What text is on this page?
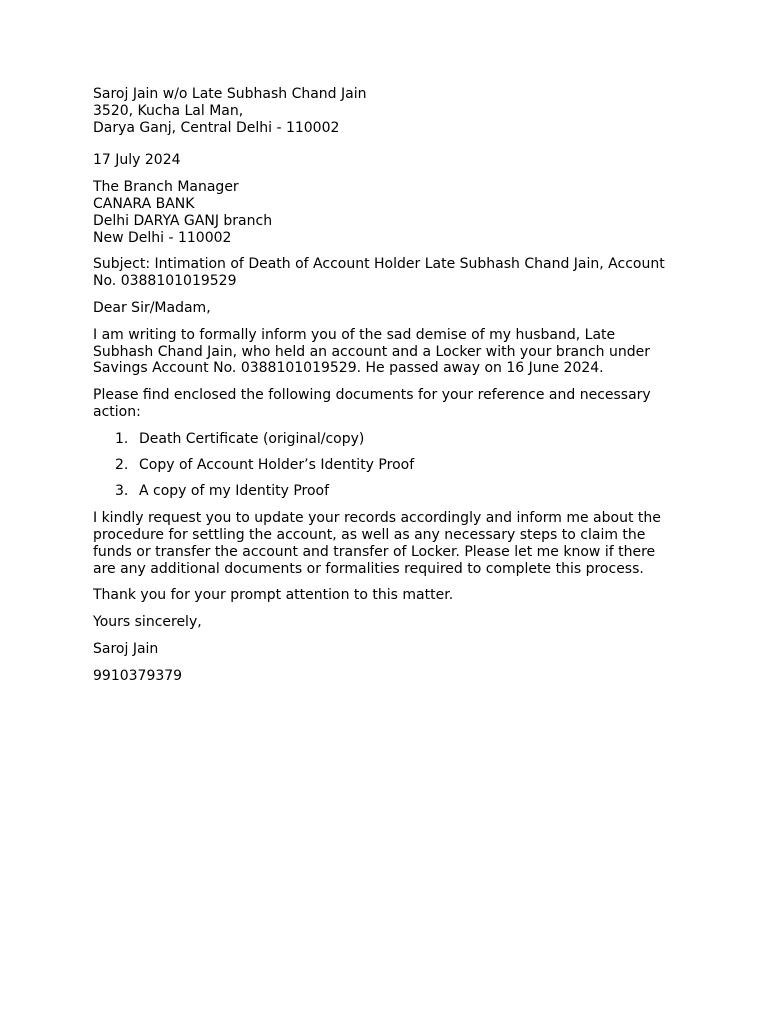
Saroj Jain w/o Late Subhash Chand Jain
3520, Kucha Lal Man,
Darya Ganj, Central Delhi - 110002
17 July 2024
The Branch Manager
CANARA BANK
Delhi DARYA GANJ branch
New Delhi - 110002
Subject: Intimation of Death of Account Holder Late Subhash Chand Jain, Account
No. 0388101019529
Dear Sir/Madam,
I am writing to formally inform you of the sad demise of my husband, Late
Subhash Chand Jain, who held an account and a Locker with your branch under
Savings Account No. 0388101019529. He passed away on 16 June 2024.
Please find enclosed the following documents for your reference and necessary
action:
1. Death Certificate (original/copy)
2. Copy of Account Holder’s Identity Proof
3. A copy of my Identity Proof
I kindly request you to update your records accordingly and inform me about the
procedure for settling the account, as well as any necessary steps to claim the
funds or transfer the account and transfer of Locker. Please let me know if there
are any additional documents or formalities required to complete this process.
Thank you for your prompt attention to this matter.
Yours sincerely,
Saroj Jain
9910379379
